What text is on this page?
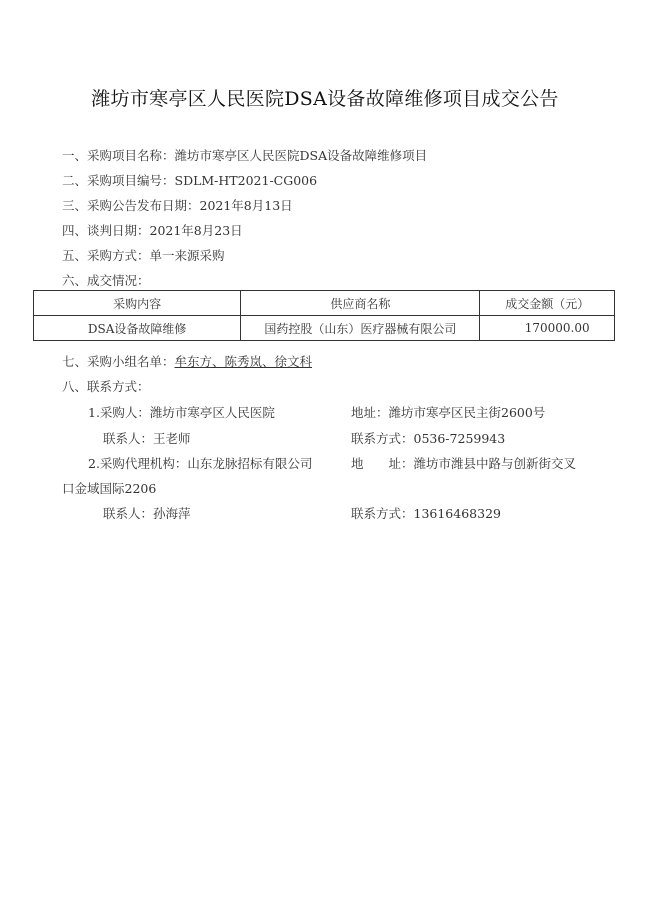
潍坊市寒亭区人民医院DSA设备故障维修项目成交公告
一、采购项目名称：潍坊市寒亭区人民医院DSA设备故障维修项目
二、采购项目编号：SDLM-HT2021-CG006
三、采购公告发布日期：2021年8月13日
四、谈判日期：2021年8月23日
五、采购方式：单一来源采购
六、成交情况：
采购内容	供应商名称	成交金额（元）
DSA设备故障维修	国药控股（山东）医疗器械有限公司	170000.00
七、采购小组名单：牟东方、陈秀岚、徐文科
八、联系方式：
1.采购人：潍坊市寒亭区人民医院	地址：潍坊市寒亭区民主街2600号
联系人：王老师	联系方式：0536-7259943
2.采购代理机构：山东龙脉招标有限公司	地　　址：潍坊市潍县中路与创新街交叉
口金域国际2206
联系人：孙海萍	联系方式：13616468329
